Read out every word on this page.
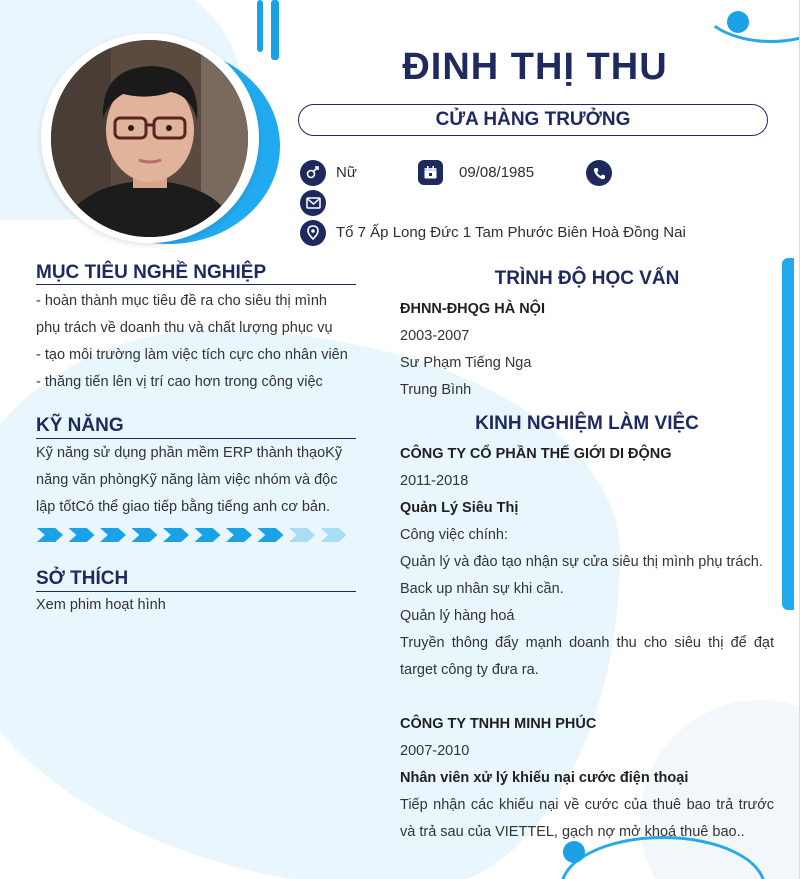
ĐINH THỊ THU
CỬA HÀNG TRƯỞNG
Nữ	09/08/1985
Tổ 7 Ấp Long Đức 1 Tam Phước Biên Hoà Đồng Nai
MỤC TIÊU NGHỀ NGHIỆP
- hoàn thành mục tiêu đề ra cho siêu thị mình
phụ trách về doanh thu và chất lượng phục vụ
- tạo môi trường làm việc tích cực cho nhân viên
- thăng tiến lên vị trí cao hơn trong công việc
KỸ NĂNG
Kỹ năng sử dụng phần mềm ERP thành thạoKỹ
năng văn phòngKỹ năng làm việc nhóm và độc
lập tốtCó thể giao tiếp bằng tiếng anh cơ bản.
SỞ THÍCH
Xem phim hoạt hình
TRÌNH ĐỘ HỌC VẤN
ĐHNN-ĐHQG HÀ NỘI
2003-2007
Sư Phạm Tiếng Nga
Trung Bình
KINH NGHIỆM LÀM VIỆC
CÔNG TY CỔ PHẦN THẾ GIỚI DI ĐỘNG
2011-2018
Quản Lý Siêu Thị
Công việc chính:
Quản lý và đào tạo nhận sự cửa siêu thị mình phụ trách.
Back up nhân sự khi cần.
Quản lý hàng hoá
Truyền thông đẩy mạnh doanh thu cho siêu thị để đạt
target công ty đưa ra.
CÔNG TY TNHH MINH PHÚC
2007-2010
Nhân viên xử lý khiếu nại cước điện thoại
Tiếp nhận các khiếu nại về cước của thuê bao trả trước
và trả sau của VIETTEL, gạch nợ mở khoá thuê bao..
